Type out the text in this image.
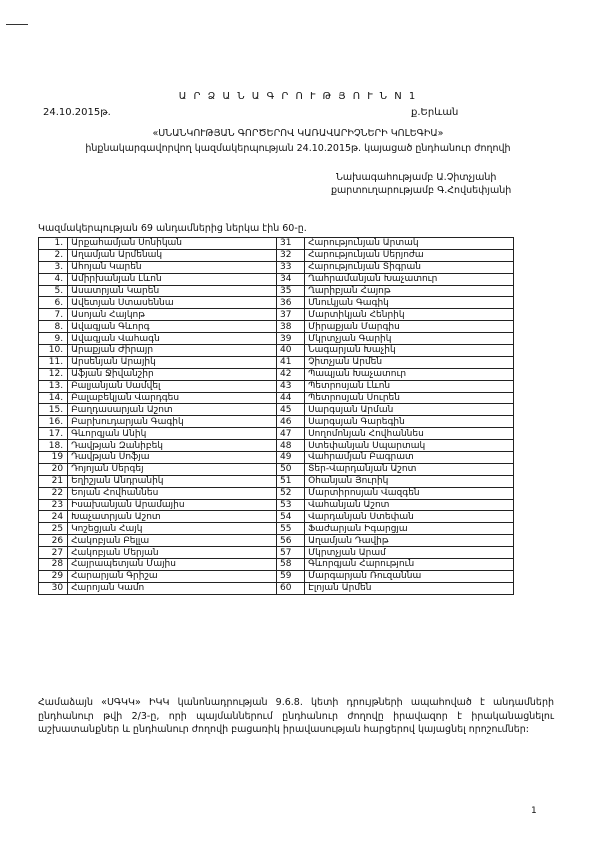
Ա Ր Ձ Ա Ն Ա Գ Ր Ո Ւ Թ Յ Ո Ւ Ն N 1
24.10.2015թ.	ք.Երևան
«ՍՆԱՆԿՈՒԹՅԱՆ ԳՈՐԾԵՐՈՎ ԿԱՌԱՎԱՐԻՉՆԵՐԻ ԿՈԼԵԳԻԱ»
ինքնակարգավորվող կազմակերպության 24.10.2015թ. կայացած ընդհանուր ժողովի
Նախագահությամբ Ա.Չիտչյանի
քարտուղարությամբ Գ.Հովսեփյանի
Կազմակերպության 69 անդամներից ներկա էին 60-ը.
1.	Արքահամյան Սոնիկան	31	Հարությունյան Արտակ
2.	Աղամյան Արմենակ	32	Հարությունյան Սերյոժա
3.	Ահոյան Կարեն	33	Հարությունյան Տիգրան
4.	Ամիրխանյան Լևոն	34	Ղահրամանյան Խաչատուր
5.	Ասատրյան Կարեն	35	Ղարիբյան Հայոթ
6.	Ավետյան Ստասեննա	36	Մնուկյան Գագիկ
7.	Ասոյան Հայկոթ	37	Մարտիկյան Հենրիկ
8.	Ավագյան Գևորգ	38	Միրաքյան Մարգիս
9.	Ավագյան Վահագն	39	Մկրտչյան Գարիկ
10.	Արաքյան Ժիրայր	40	Նագարյան Խաչիկ
11.	Արսենյան Արայիկ	41	Չիտչյան Արմեն
12.	Աֆյան Ջիվանշիր	42	Պապյան Խաչատուր
13.	Բալյանյան Սամվել	43	Պետրոսյան Լևոն
14.	Բալաբեկյան Վարդգես	44	Պետրոսյան Սուրեն
15.	Բաղդասարյան Աշոտ	45	Սարգսյան Արման
16.	Բարխուդարյան Գագիկ	46	Սարգսյան Գարեգին
17.	Գևորգյան Անիկ	47	Սողոմոնյան Հովհաննես
18.	Դավթյան Զանիբեկ	48	Ստեփանյան Սպարտակ
19	Դավթյան Սոֆյա	49	Վահրամյան Բագրատ
20	Դոյոյան Սերգեյ	50	Տեր-Վարդանյան Աշոտ
21	Եղիշյան Անդրանիկ	51	Օհանյան Յուրիկ
22	Եոյան Հովհաննես	52	Մարտիրոսյան Վազգեն
23	Իսախանյան Արամայիս	53	Վահանյան Աշոտ
24	Խաչատրյան Աշոտ	54	Վարդանյան Ստեփան
25	Կոշեցյան Հայկ	55	Ֆաժարյան Իգարցյա
26	Հակոբյան Բելլա	56	Աղամյան Դավիթ
27	Հակոբյան Մերյան	57	Մկրտչյան Արամ
28	Հայրապետյան Մայիս	58	Գևորգյան Հարություն
29	Հարարյան Գրիշա	59	Մարգարյան Ռուզաննա
30	Հարոյան Կամո	60	Էլոյան Արմեն
Համաձայն «ՍԳԿԿ» ԻԿԿ կանոնադրության 9.6.8. կետի դրույթների ապահոված է անդամների ընդհանուր թվի 2/3-ը, որի պայմաններում ընդհանուր ժողովը իրավազոր է իրականացնելու աշխատանքներ և ընդհանուր ժողովի բացառիկ իրավասության հարցերով կայացնել որոշումներ:
1
